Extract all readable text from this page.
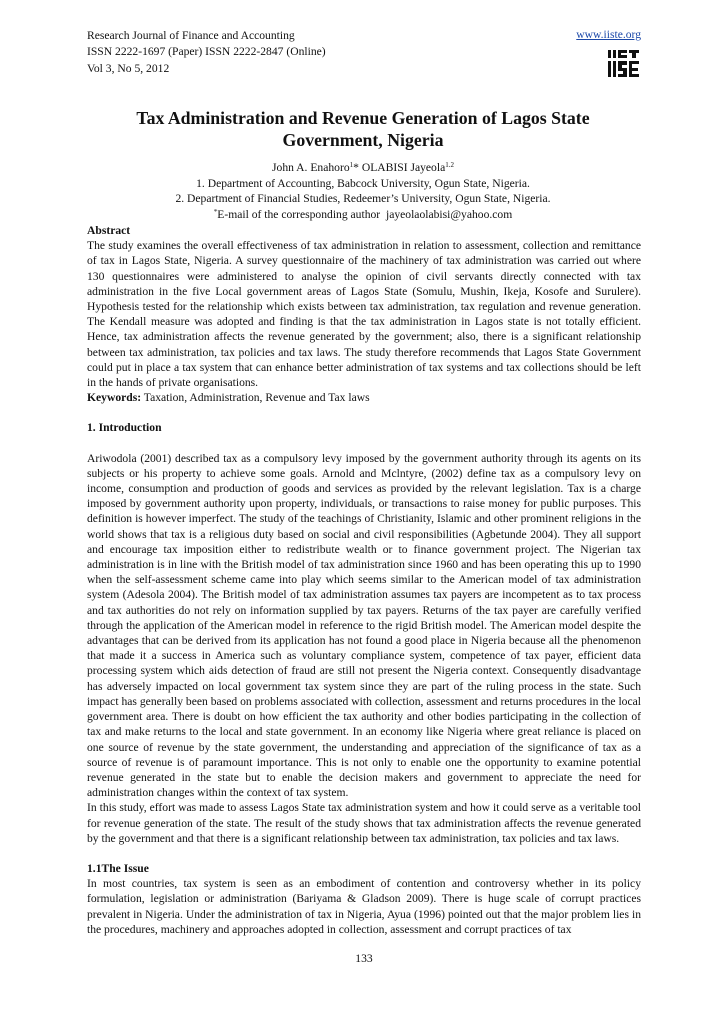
Research Journal of Finance and Accounting
ISSN 2222-1697 (Paper) ISSN 2222-2847 (Online)
Vol 3, No 5, 2012
www.iiste.org
Tax Administration and Revenue Generation of Lagos State
Government, Nigeria
John A. Enahoro$^1$* OLABISI Jayeola$^{1.2}$
1. Department of Accounting, Babcock University, Ogun State, Nigeria.
2. Department of Financial Studies, Redeemer’s University, Ogun State, Nigeria.
*E-mail of the corresponding author jayeolaolabisi@yahoo.com
Abstract

The study examines the overall effectiveness of tax administration in relation to assessment, collection and remittance of tax in Lagos State, Nigeria. A survey questionnaire of the machinery of tax administration was carried out where 130 questionnaires were administered to analyse the opinion of civil servants directly connected with tax administration in the five Local government areas of Lagos State (Somulu, Mushin, Ikeja, Kosofe and Surulere). Hypothesis tested for the relationship which exists between tax administration, tax regulation and revenue generation. The Kendall measure was adopted and finding is that the tax administration in Lagos state is not totally efficient. Hence, tax administration affects the revenue generated by the government; also, there is a significant relationship between tax administration, tax policies and tax laws. The study therefore recommends that Lagos State Government could put in place a tax system that can enhance better administration of tax systems and tax collections should be left in the hands of private organisations.

Keywords: Taxation, Administration, Revenue and Tax laws

1. Introduction

Ariwodola (2001) described tax as a compulsory levy imposed by the government authority through its agents on its subjects or his property to achieve some goals. Arnold and Mclntyre, (2002) define tax as a compulsory levy on income, consumption and production of goods and services as provided by the relevant legislation. Tax is a charge imposed by government authority upon property, individuals, or transactions to raise money for public purposes. This definition is however imperfect. The study of the teachings of Christianity, Islamic and other prominent religions in the world shows that tax is a religious duty based on social and civil responsibilities (Agbetunde 2004). They all support and encourage tax imposition either to redistribute wealth or to finance government project. The Nigerian tax administration is in line with the British model of tax administration since 1960 and has been operating this up to 1990 when the self-assessment scheme came into play which seems similar to the American model of tax administration system (Adesola 2004). The British model of tax administration assumes tax payers are incompetent as to tax process and tax authorities do not rely on information supplied by tax payers. Returns of the tax payer are carefully verified through the application of the American model in reference to the rigid British model. The American model despite the advantages that can be derived from its application has not found a good place in Nigeria because all the phenomenon that made it a success in America such as voluntary compliance system, competence of tax payer, efficient data processing system which aids detection of fraud are still not present the Nigeria context. Consequently disadvantage has adversely impacted on local government tax system since they are part of the ruling process in the state. Such impact has generally been based on problems associated with collection, assessment and returns procedures in the local government area. There is doubt on how efficient the tax authority and other bodies participating in the collection of tax and make returns to the local and state government. In an economy like Nigeria where great reliance is placed on one source of revenue by the state government, the understanding and appreciation of the significance of tax as a source of revenue is of paramount importance. This is not only to enable one the opportunity to examine potential revenue generated in the state but to enable the decision makers and government to appreciate the need for administration changes within the context of tax system.

In this study, effort was made to assess Lagos State tax administration system and how it could serve as a veritable tool for revenue generation of the state. The result of the study shows that tax administration affects the revenue generated by the government and that there is a significant relationship between tax administration, tax policies and tax laws.

1.1The Issue

In most countries, tax system is seen as an embodiment of contention and controversy whether in its policy formulation, legislation or administration (Bariyama & Gladson 2009). There is huge scale of corrupt practices prevalent in Nigeria. Under the administration of tax in Nigeria, Ayua (1996) pointed out that the major problem lies in the procedures, machinery and approaches adopted in collection, assessment and corrupt practices of tax

133
